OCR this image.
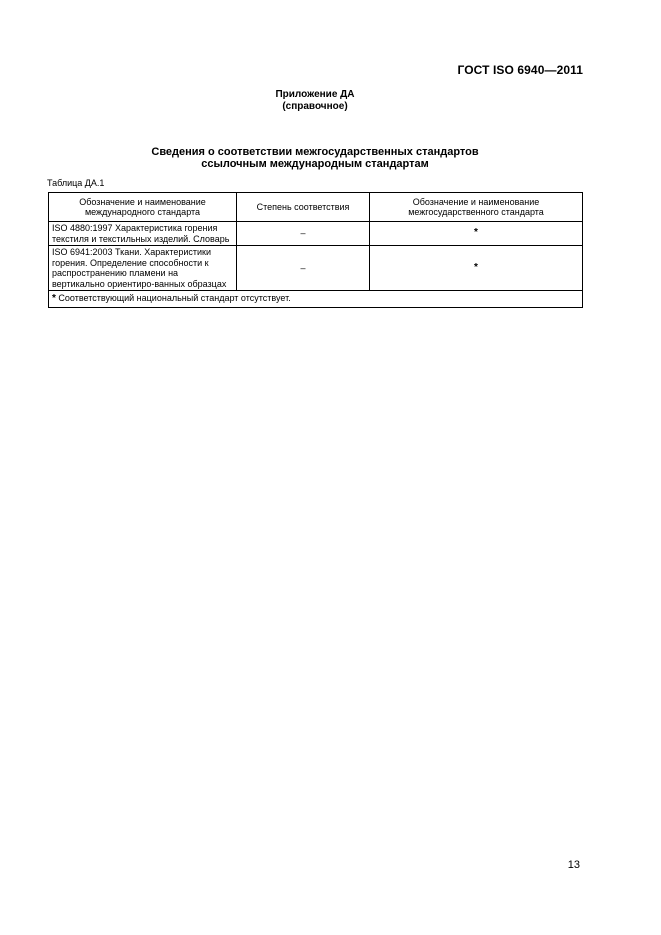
ГОСТ ISO 6940—2011
Приложение ДА
(справочное)
Сведения о соответствии межгосударственных стандартов
ссылочным международным стандартам
Таблица ДА.1
Обозначение и наименование международного стандарта	Степень соответствия	Обозначение и наименование межгосударственного стандарта
ISO 4880:1997 Характеристика горения текстиля и текстильных изделий. Словарь	–	*
ISO 6941:2003 Ткани. Характеристики горения. Определение способности к распространению пламени на вертикально ориентиро-ванных образцах	–	*
* Соответствующий национальный стандарт отсутствует.		
13
